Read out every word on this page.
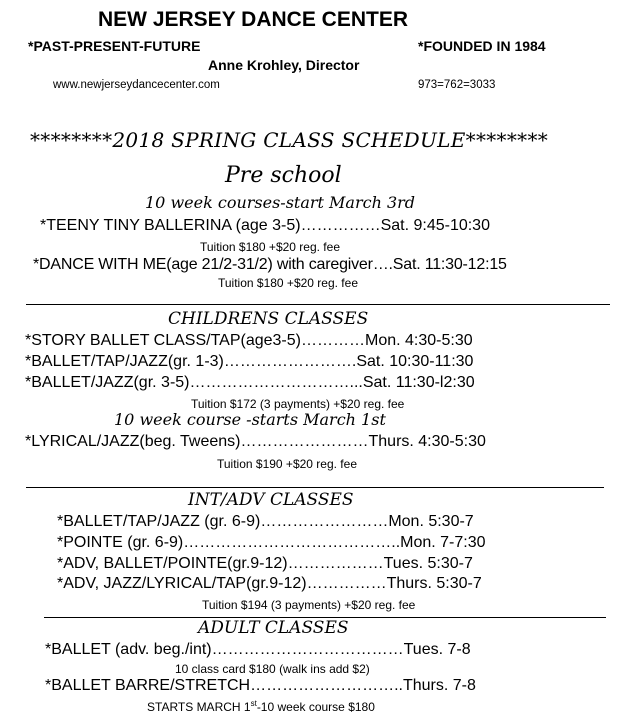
NEW JERSEY DANCE CENTER
*PAST-PRESENT-FUTURE	*FOUNDED IN 1984
Anne Krohley, Director
www.newjerseydancecenter.com	973=762=3033
********2018 SPRING CLASS SCHEDULE********
Pre school
10 week courses-start March 3rd
*TEENY TINY BALLERINA (age 3-5)……………Sat. 9:45-10:30
Tuition $180 +$20 reg. fee
*DANCE WITH ME(age 21/2-31/2) with caregiver….Sat. 11:30-12:15
Tuition $180 +$20 reg. fee
CHILDRENS CLASSES
*STORY BALLET CLASS/TAP(age3-5)…………Mon. 4:30-5:30
*BALLET/TAP/JAZZ(gr. 1-3)…………………….Sat. 10:30-11:30
*BALLET/JAZZ(gr. 3-5)…………………………...Sat. 11:30-l2:30
Tuition $172 (3 payments) +$20 reg. fee
10 week course -starts March 1st
*LYRICAL/JAZZ(beg. Tweens)……………………Thurs. 4:30-5:30
Tuition $190 +$20 reg. fee
INT/ADV CLASSES
*BALLET/TAP/JAZZ (gr. 6-9)……………………Mon. 5:30-7
*POINTE (gr. 6-9)…………………………………..Mon. 7-7:30
*ADV, BALLET/POINTE(gr.9-12)………………Tues. 5:30-7
*ADV, JAZZ/LYRICAL/TAP(gr.9-12)……………Thurs. 5:30-7
Tuition $194 (3 payments) +$20 reg. fee
ADULT CLASSES
*BALLET (adv. beg./int)………………………………Tues. 7-8
10 class card $180 (walk ins add $2)
*BALLET BARRE/STRETCH………………………..Thurs. 7-8
STARTS MARCH 1st-10 week course $180
